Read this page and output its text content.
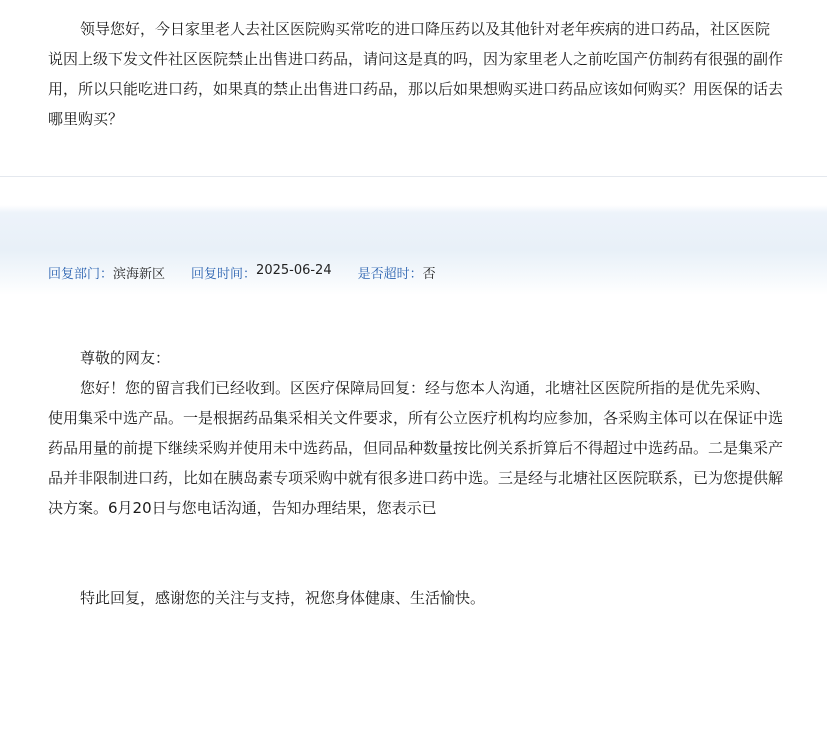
领导您好，今日家里老人去社区医院购买常吃的进口降压药以及其他针对老年疾病的进口药品，社区医院说因上级下发文件社区医院禁止出售进口药品，请问这是真的吗，因为家里老人之前吃国产仿制药有很强的副作用，所以只能吃进口药，如果真的禁止出售进口药品，那以后如果想购买进口药品应该如何购买？用医保的话去哪里购买？

回复部门： 滨海新区 回复时间： 2025-06-24 是否超时： 否

尊敬的网友：

您好！您的留言我们已经收到。区医疗保障局回复：经与您本人沟通，北塘社区医院所指的是优先采购、使用集采中选产品。一是根据药品集采相关文件要求，所有公立医疗机构均应参加，各采购主体可以在保证中选药品用量的前提下继续采购并使用未中选药品，但同品种数量按比例关系折算后不得超过中选药品。二是集采产品并非限制进口药，比如在胰岛素专项采购中就有很多进口药中选。三是经与北塘社区医院联系，已为您提供解决方案。6月20日与您电话沟通，告知办理结果，您表示已

特此回复，感谢您的关注与支持，祝您身体健康、生活愉快。
